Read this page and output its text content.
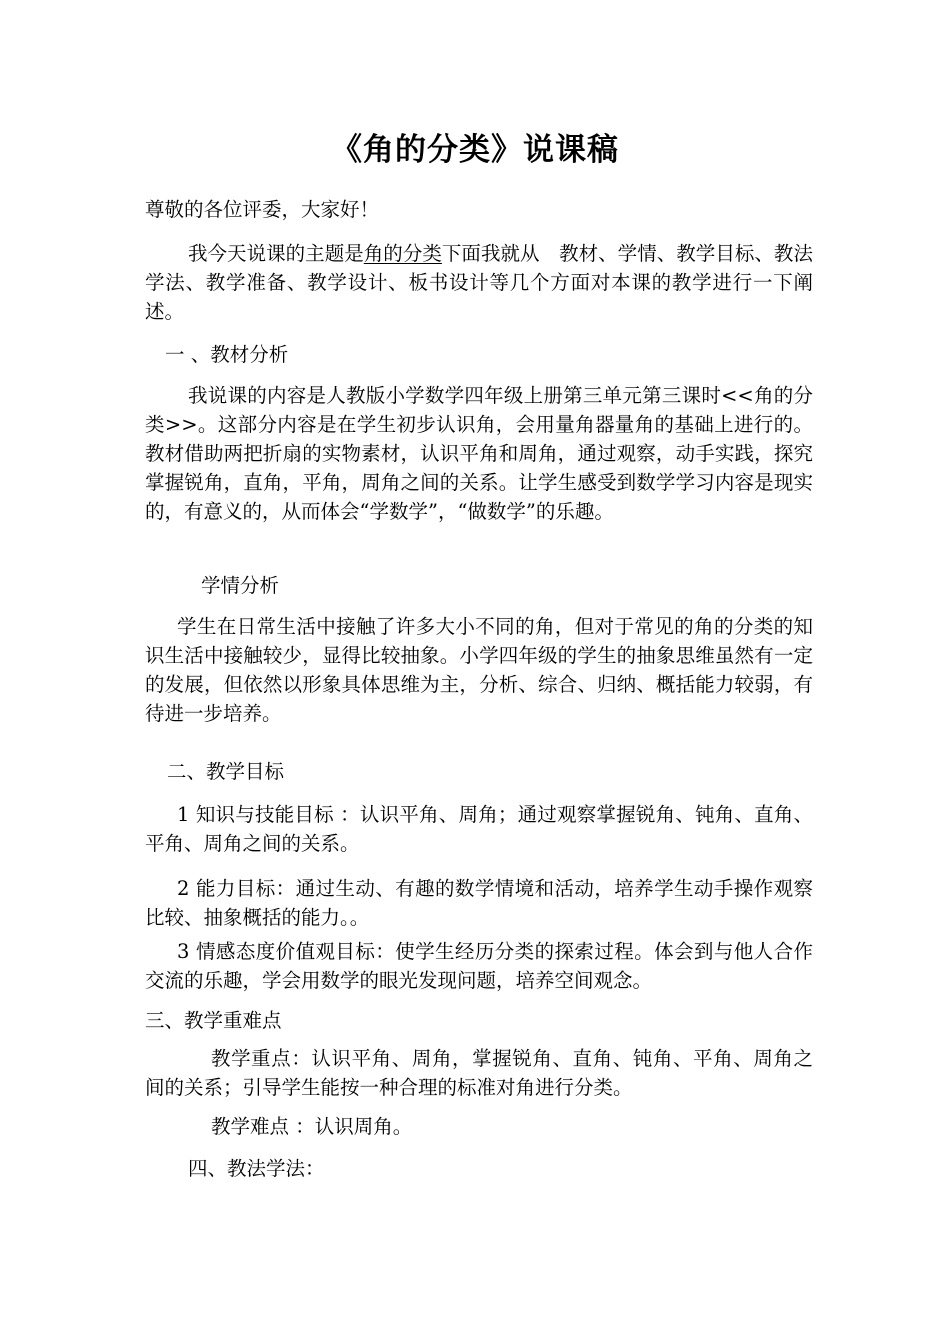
《角的分类》说课稿

尊敬的各位评委，大家好！

我今天说课的主题是角的分类下面我就从　教材、学情、教学目标、教法学法、教学准备、教学设计、板书设计等几个方面对本课的教学进行一下阐述。

一 、教材分析

我说课的内容是人教版小学数学四年级上册第三单元第三课时<<角的分类>>。这部分内容是在学生初步认识角，会用量角器量角的基础上进行的。教材借助两把折扇的实物素材，认识平角和周角，通过观察，动手实践，探究掌握锐角，直角，平角，周角之间的关系。让学生感受到数学学习内容是现实的，有意义的，从而体会“学数学”，“做数学”的乐趣。

学情分析

学生在日常生活中接触了许多大小不同的角，但对于常见的角的分类的知识生活中接触较少，显得比较抽象。小学四年级的学生的抽象思维虽然有一定的发展，但依然以形象具体思维为主，分析、综合、归纳、概括能力较弱，有待进一步培养。

二、教学目标

1 知识与技能目标 ：认识平角、周角；通过观察掌握锐角、钝角、直角、平角、周角之间的关系。

2 能力目标：通过生动、有趣的数学情境和活动，培养学生动手操作观察比较、抽象概括的能力。。

3 情感态度价值观目标：使学生经历分类的探索过程。体会到与他人合作交流的乐趣，学会用数学的眼光发现问题，培养空间观念。

三、教学重难点

教学重点：认识平角、周角，掌握锐角、直角、钝角、平角、周角之间的关系；引导学生能按一种合理的标准对角进行分类。

教学难点 ：认识周角。

四、教法学法：
